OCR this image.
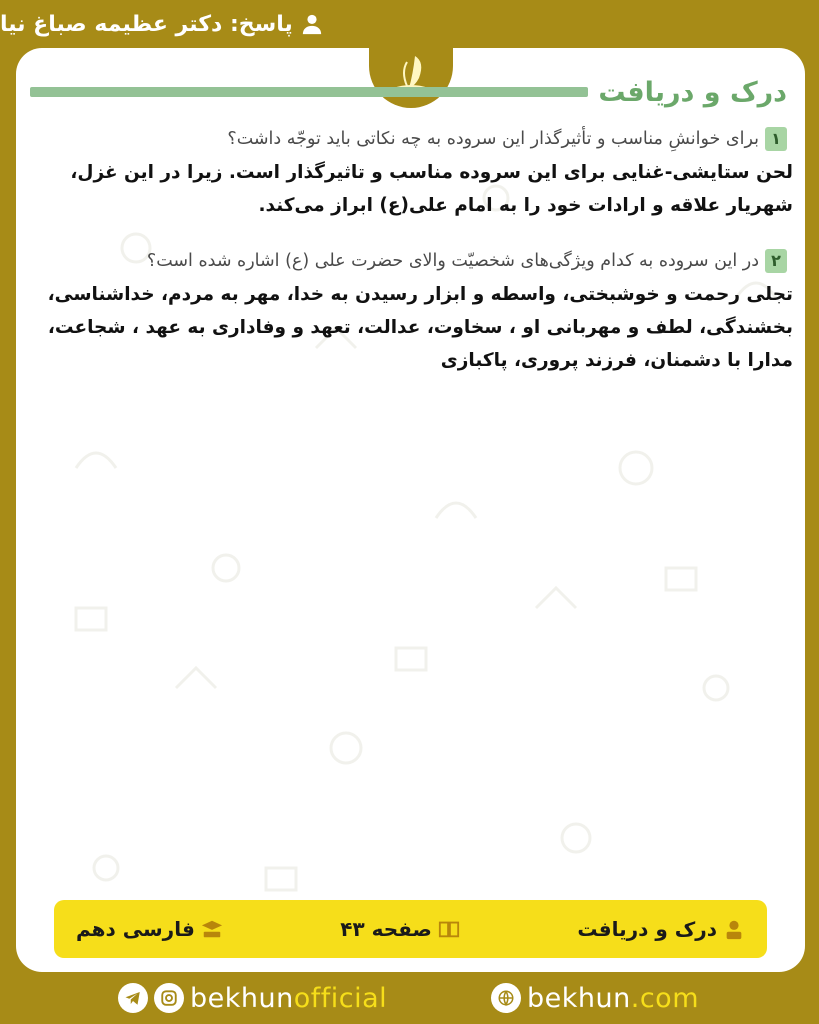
پاسخ: دکتر عظیمه صباغ نیا
درک و دریافت
۱
برای خوانشِ مناسب و تأثیرگذار این سروده به چه نکاتی باید توجّه داشت؟
لحن ستایشی-غنایی برای این سروده مناسب و تاثیرگذار است. زیرا در این غزل، شهریار علاقه و ارادات خود را به امام علی(ع) ابراز می‌کند.
۲
در این سروده به کدام ویژگی‌های شخصیّت والای حضرت علی (ع) اشاره شده است؟
تجلی رحمت و خوشبختی، واسطه و ابزار رسیدن به خدا، مهر به مردم، خداشناسی، بخشندگی، لطف و مهربانی او ، سخاوت، عدالت، تعهد و وفاداری به عهد ، شجاعت، مدارا با دشمنان، فرزند پروری، پاکبازی
درک و دریافت
صفحه ۴۳
فارسی دهم
bekhunofficial	bekhun.com
